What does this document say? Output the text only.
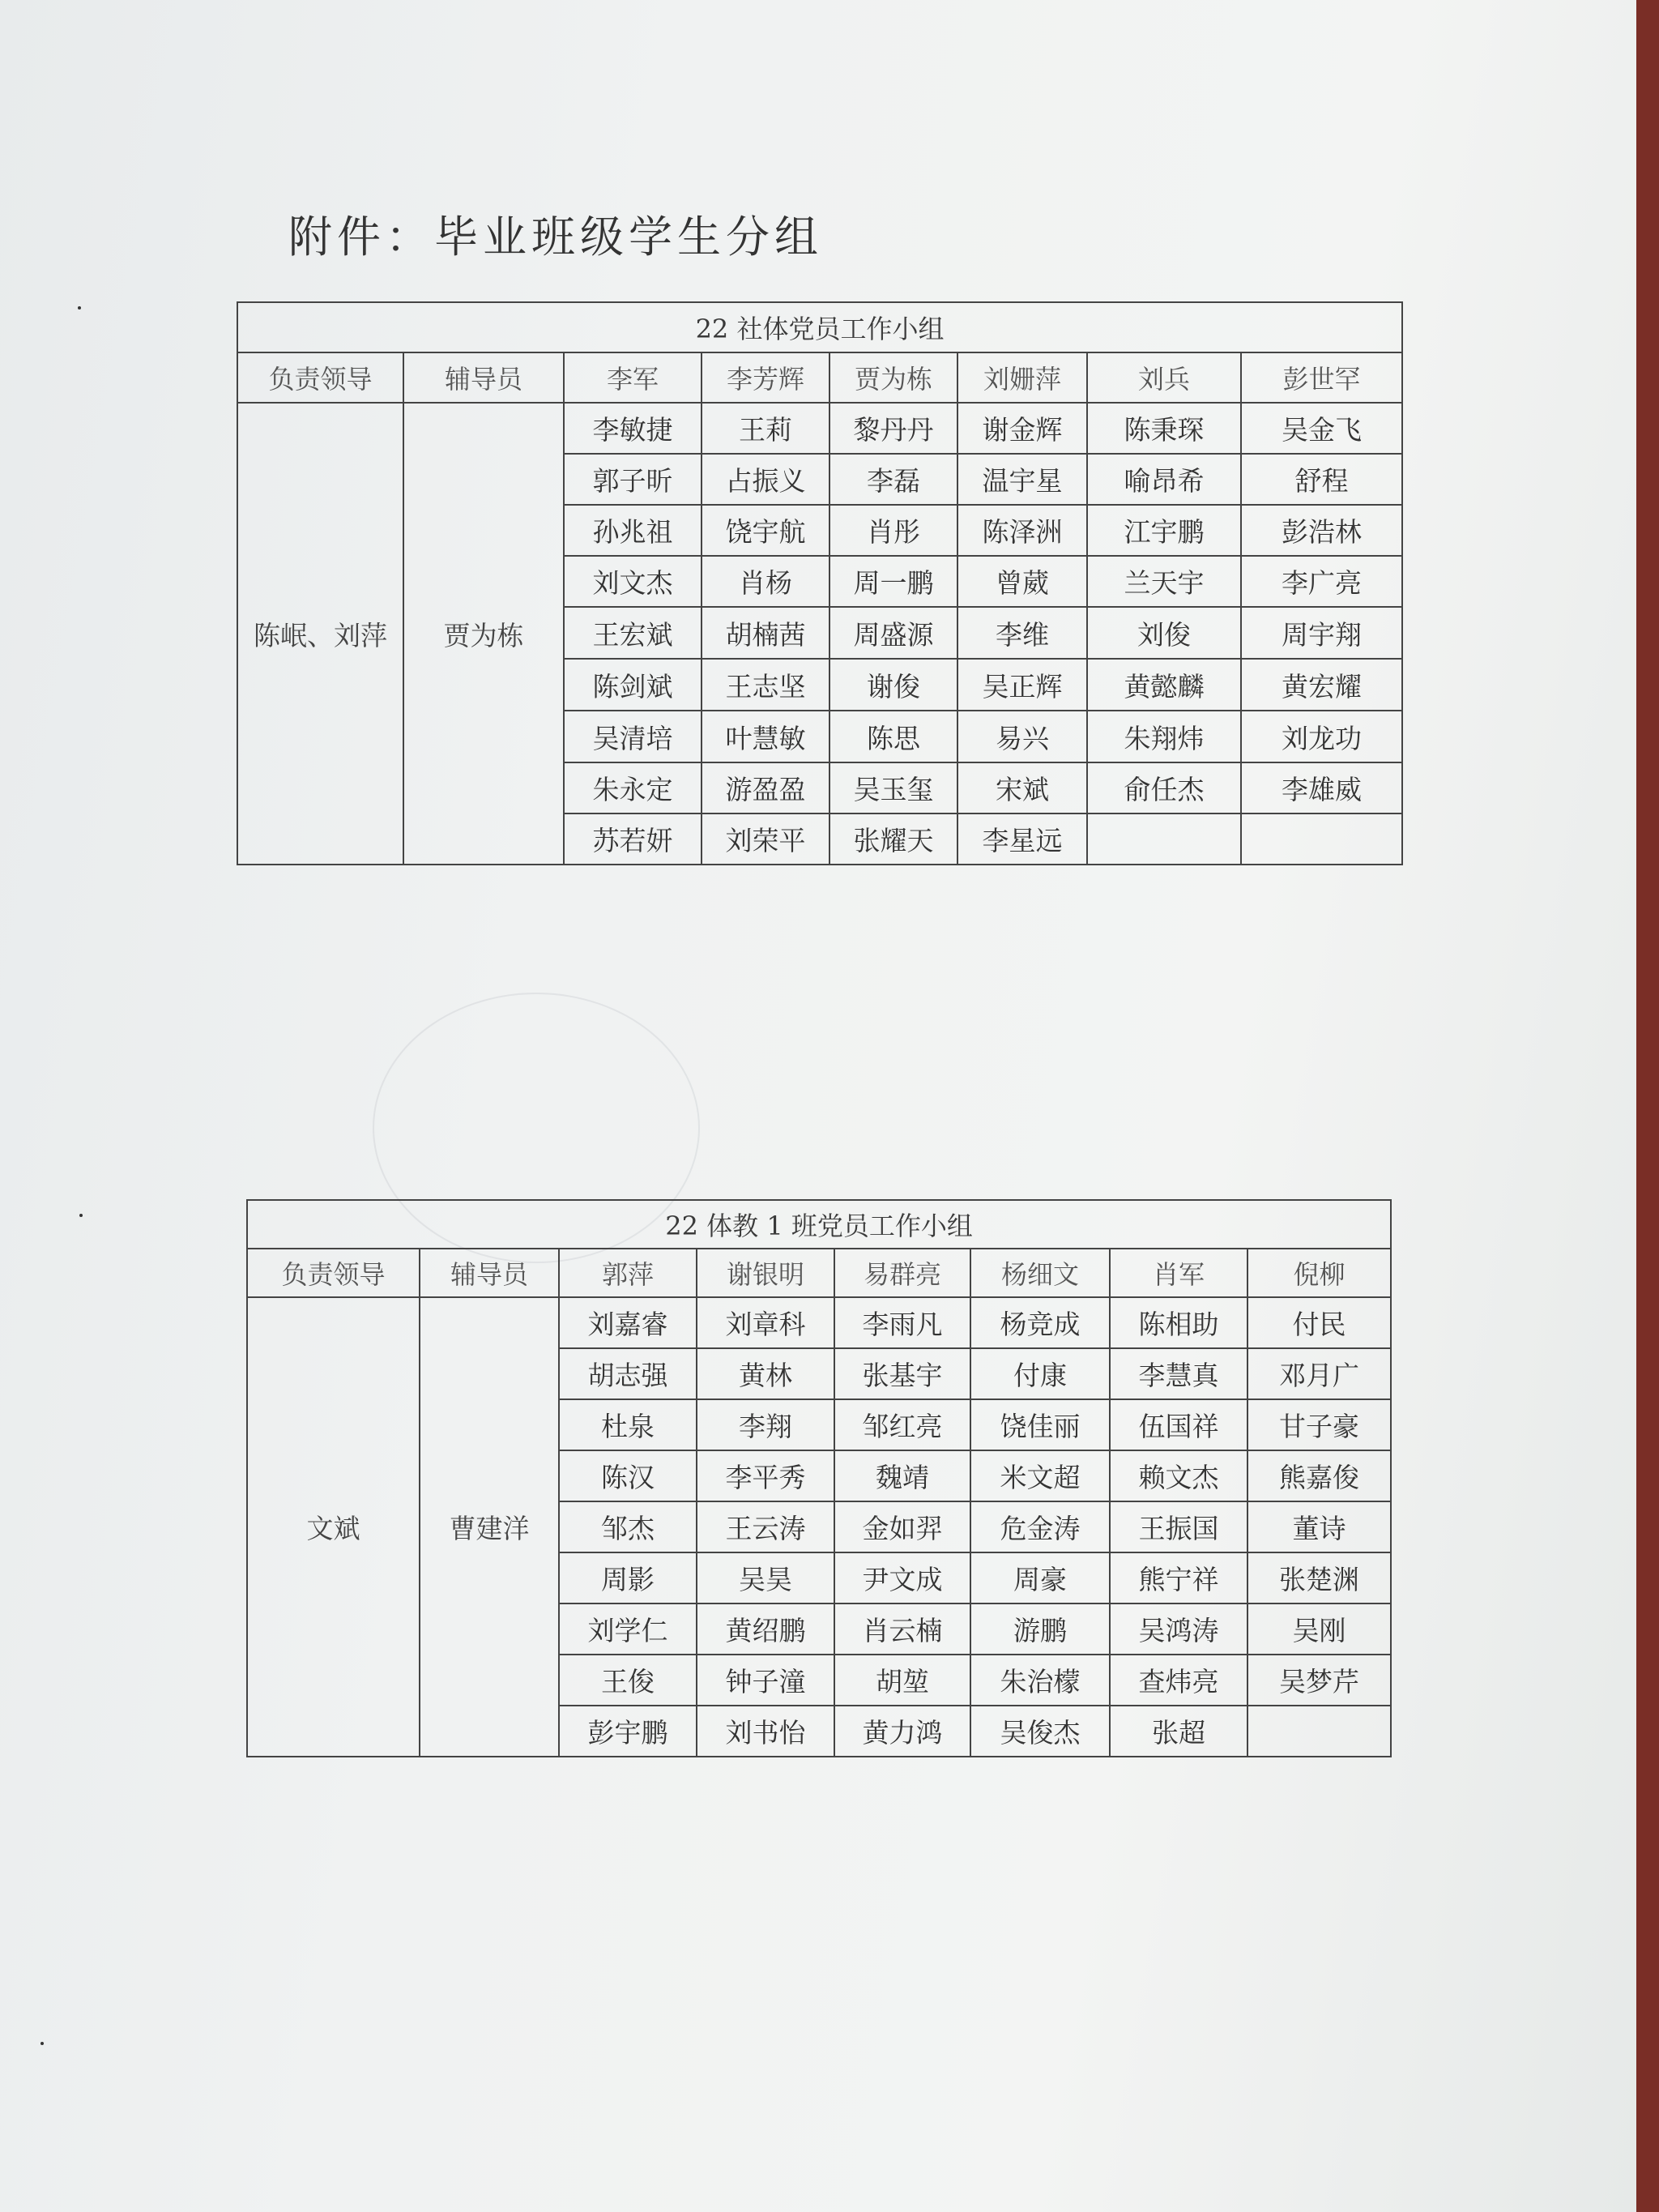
附件：毕业班级学生分组
22 社体党员工作小组							
负责领导	辅导员	李军	李芳辉	贾为栋	刘姗萍	刘兵	彭世罕
陈岷、刘萍	贾为栋	李敏捷	王莉	黎丹丹	谢金辉	陈秉琛	吴金飞
		郭子昕	占振义	李磊	温宇星	喻昂希	舒程
		孙兆祖	饶宇航	肖彤	陈泽洲	江宇鹏	彭浩林
		刘文杰	肖杨	周一鹏	曾葳	兰天宇	李广亮
		王宏斌	胡楠茜	周盛源	李维	刘俊	周宇翔
		陈剑斌	王志坚	谢俊	吴正辉	黄懿麟	黄宏耀
		吴清培	叶慧敏	陈思	易兴	朱翔炜	刘龙功
		朱永定	游盈盈	吴玉玺	宋斌	俞任杰	李雄威
		苏若妍	刘荣平	张耀天	李星远		
22 体教 1 班党员工作小组							
负责领导	辅导员	郭萍	谢银明	易群亮	杨细文	肖军	倪柳
文斌	曹建洋	刘嘉睿	刘章科	李雨凡	杨竞成	陈相助	付民
		胡志强	黄林	张基宇	付康	李慧真	邓月广
		杜泉	李翔	邹红亮	饶佳丽	伍国祥	甘子豪
		陈汉	李平秀	魏靖	米文超	赖文杰	熊嘉俊
		邹杰	王云涛	金如羿	危金涛	王振国	董诗
		周影	吴昊	尹文成	周豪	熊宁祥	张楚渊
		刘学仁	黄绍鹏	肖云楠	游鹏	吴鸿涛	吴刚
		王俊	钟子潼	胡堃	朱治檬	查炜亮	吴梦芹
		彭宇鹏	刘书怡	黄力鸿	吴俊杰	张超	
